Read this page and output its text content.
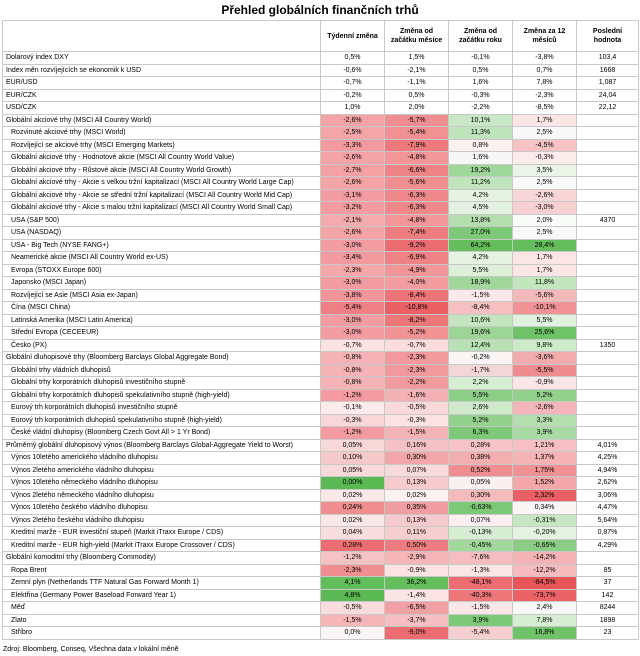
Přehled globálních finančních trhů
	Týdenní změna	Změna od začátku měsíce	Změna od začátku roku	Změna za 12 měsíců	Poslední hodnota
Dolarový index DXY	0,5%	1,5%	-0,1%	-3,8%	103,4
Index měn rozvíjejících se ekonomik k USD	-0,6%	-2,1%	0,5%	0,7%	1668
EUR/USD	-0,7%	-1,1%	1,6%	7,8%	1,087
EUR/CZK	-0,2%	0,5%	-0,3%	-2,3%	24,04
USD/CZK	1,0%	2,0%	-2,2%	-8,5%	22,12
Globální akciové trhy (MSCI All Country World)	-2,6%	-5,7%	10,1%	1,7%	
Rozvinuté akciové trhy (MSCI World)	-2,5%	-5,4%	11,3%	2,5%	
Rozvíjející se akciové trhy (MSCI Emerging Markets)	-3,3%	-7,9%	0,8%	-4,5%	
Globální akciové trhy - Hodnotové akcie (MSCI All Country World Value)	-2,6%	-4,8%	1,6%	-0,3%	
Globální akciové trhy - Růstové akcie (MSCI All Country World Growth)	-2,7%	-6,6%	19,2%	3,5%	
Globální akciové trhy - Akcie s velkou tržní kapitalizací (MSCI All Country World Large Cap)	-2,6%	-5,6%	11,2%	2,5%	
Globální akciové trhy - Akcie se střední tržní kapitalizací (MSCI All Country World Mid Cap)	-3,1%	-6,3%	4,2%	-2,6%	
Globální akciové trhy - Akcie s malou tržní kapitalizací (MSCI All Country World Small Cap)	-3,2%	-6,3%	4,5%	-3,0%	
USA (S&P 500)	-2,1%	-4,8%	13,8%	2,0%	4370
USA (NASDAQ)	-2,6%	-7,4%	27,0%	2,5%	
USA - Big Tech (NYSE FANG+)	-3,0%	-9,2%	64,2%	28,4%	
Neamerické akcie (MSCI All Country World ex-US)	-3,4%	-6,9%	4,2%	1,7%	
Evropa (STOXX Europe 600)	-2,3%	-4,9%	5,5%	1,7%	
Japonsko (MSCI Japan)	-3,0%	-4,0%	18,9%	11,8%	
Rozvíjející se Asie (MSCI Asia ex-Japan)	-3,8%	-8,4%	-1,5%	-5,6%	
Čína (MSCI China)	-5,4%	-10,8%	-8,4%	-10,1%	
Latinská Amerika (MSCI Latin America)	-3,0%	-8,2%	10,6%	5,5%	
Střední Evropa (CECEEUR)	-3,0%	-5,2%	19,6%	25,6%	
Česko (PX)	-0,7%	-0,7%	12,4%	9,8%	1350
Globální dluhopisové trhy (Bloomberg Barclays Global Aggregate Bond)	-0,8%	-2,3%	-0,2%	-3,6%	
Globální trhy vládních dluhopisů	-0,8%	-2,3%	-1,7%	-5,5%	
Globální trhy korporátních dluhopisů investičního stupně	-0,8%	-2,2%	2,2%	-0,9%	
Globální trhy korporátních dluhopisů spekulativního stupně (high-yield)	-1,2%	-1,6%	5,5%	5,2%	
Eurový trh korporátních dluhopisů investičního stupně	-0,1%	-0,5%	2,6%	-2,6%	
Eurový trh korporátních dluhopisů spekulativního stupně (high-yield)	-0,3%	-0,3%	5,2%	3,3%	
České vládní dluhopisy (Bloomberg Czech Govt All > 1 Yr Bond)	-1,2%	-1,5%	6,3%	3,9%	
Průměrný globální dluhopisový výnos (Bloomberg Barclays Global-Aggregate Yield to Worst)	0,05%	0,16%	0,28%	1,21%	4,01%
Výnos 10letého amerického vládního dluhopisu	0,10%	0,30%	0,38%	1,37%	4,25%
Výnos 2letého amerického vládního dluhopisu	0,05%	0,07%	0,52%	1,75%	4,94%
Výnos 10letého německého vládního dluhopisu	0,00%	0,13%	0,05%	1,52%	2,62%
Výnos 2letého německého vládního dluhopisu	0,02%	0,02%	0,30%	2,32%	3,06%
Výnos 10letého českého vládního dluhopisu	0,24%	0,35%	-0,63%	0,34%	4,47%
Výnos 2letého českého vládního dluhopisu	0,02%	0,13%	0,07%	-0,31%	5,64%
Kreditní marže - EUR investiční stupeň (Markit iTraxx Europe / CDS)	0,04%	0,11%	-0,13%	-0,20%	0,87%
Kreditní marže - EUR high-yield (Markit iTraxx Europe Crossover / CDS)	0,28%	0,50%	-0,45%	-0,65%	4,29%
Globální komoditní trhy (Bloomberg Commodity)	-1,2%	-2,9%	-7,6%	-14,2%	
Ropa Brent	-2,3%	-0,9%	-1,3%	-12,2%	85
Zemní plyn (Netherlands TTF Natural Gas Forward Month 1)	4,1%	36,2%	-48,1%	-84,5%	37
Elektřina (Germany Power Baseload Forward Year 1)	4,8%	-1,4%	-40,3%	-73,7%	142
Měď	-0,5%	-6,5%	-1,5%	2,4%	8244
Zlato	-1,5%	-3,7%	3,9%	7,8%	1898
Stříbro	0,0%	-9,0%	-5,4%	16,8%	23
Zdroj: Bloomberg, Conseq, Všechna data v lokální měně
